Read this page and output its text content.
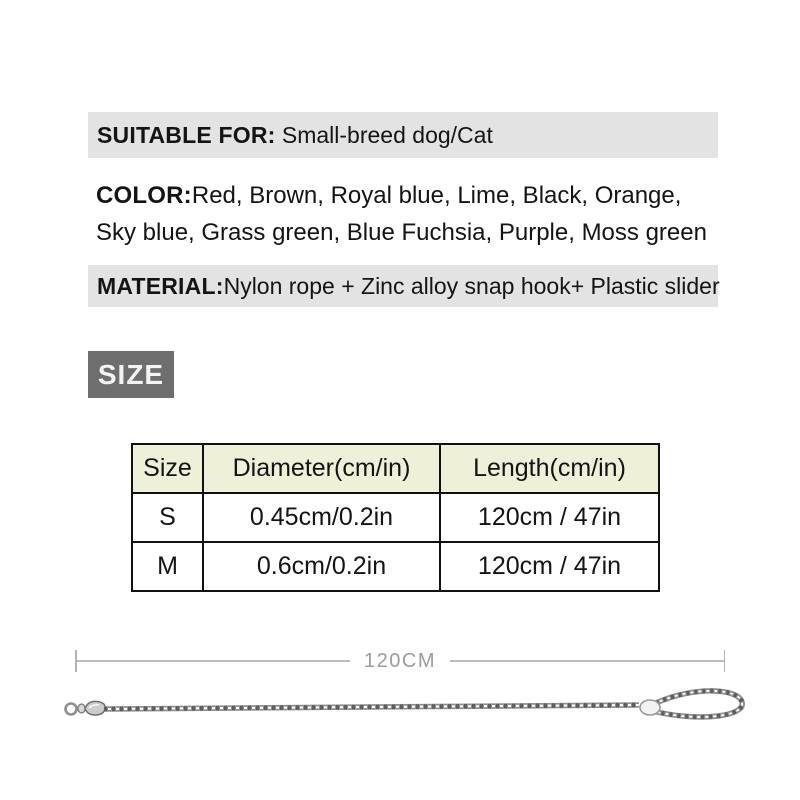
SUITABLE FOR:
Small-breed dog/Cat
COLOR:Red, Brown, Royal blue, Lime, Black, Orange,
Sky blue, Grass green, Blue Fuchsia, Purple, Moss green
MATERIAL: Nylon rope + Zinc alloy snap hook+ Plastic slider
SIZE
Size	Diameter(cm/in)	Length(cm/in)
S	0.45cm/0.2in	120cm / 47in
M	0.6cm/0.2in	120cm / 47in
120CM
